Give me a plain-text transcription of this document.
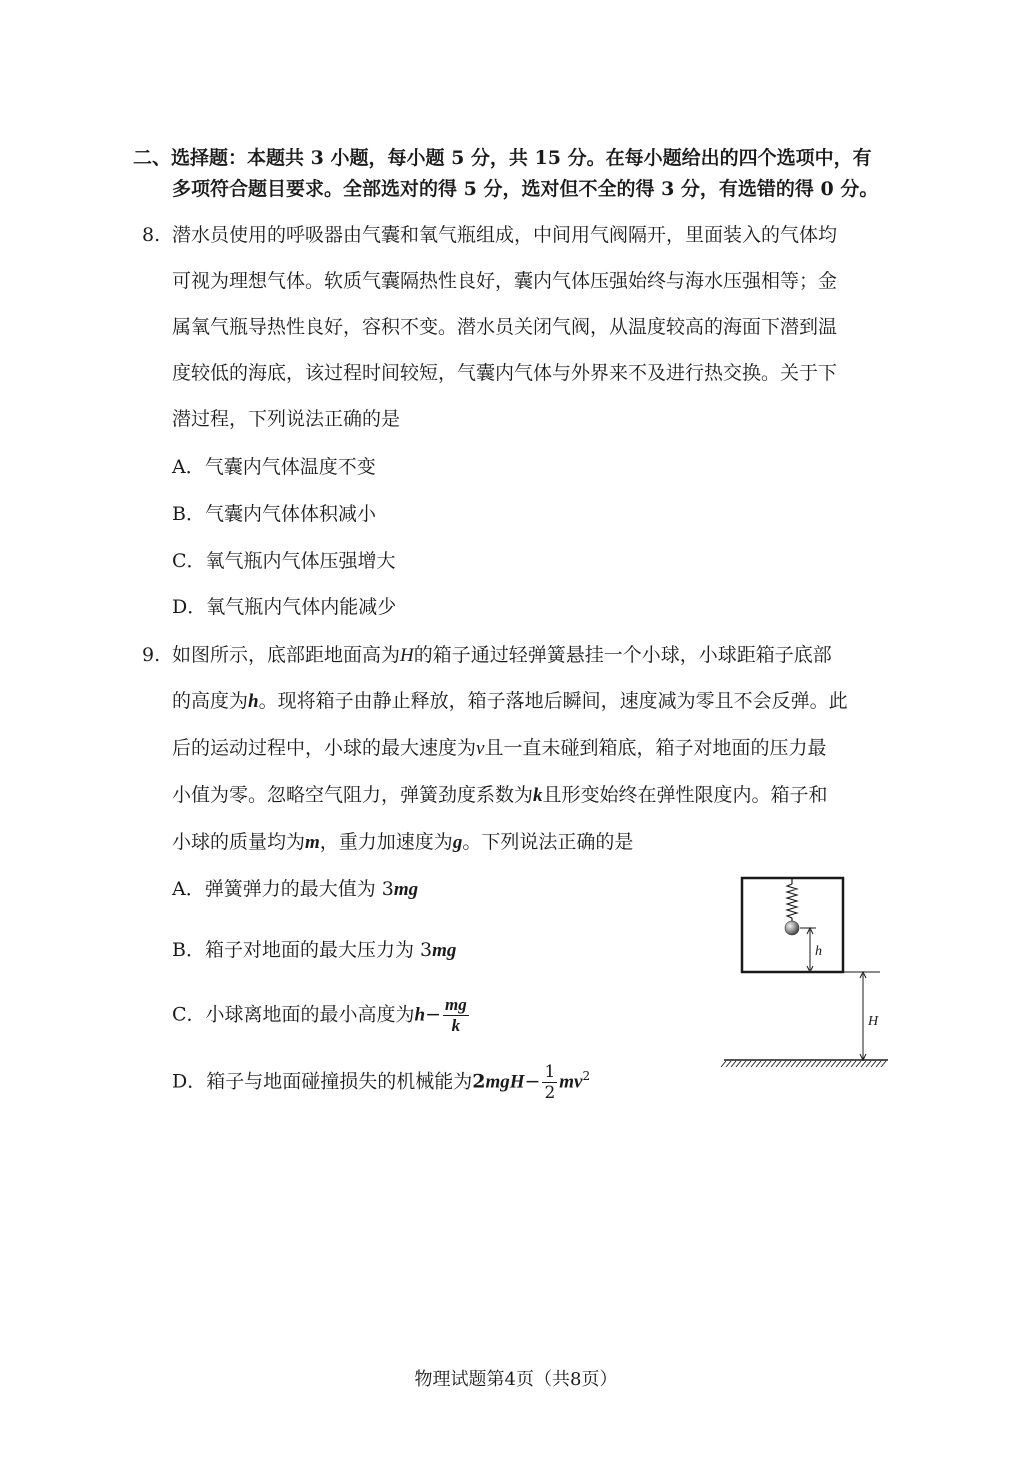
二、选择题：本题共 3 小题，每小题 5 分，共 15 分。在每小题给出的四个选项中，有
多项符合题目要求。全部选对的得 5 分，选对但不全的得 3 分，有选错的得 0 分。
8. 潜水员使用的呼吸器由气囊和氧气瓶组成，中间用气阀隔开，里面装入的气体均
可视为理想气体。软质气囊隔热性良好，囊内气体压强始终与海水压强相等；金
属氧气瓶导热性良好，容积不变。潜水员关闭气阀，从温度较高的海面下潜到温
度较低的海底，该过程时间较短，气囊内气体与外界来不及进行热交换。关于下
潜过程，下列说法正确的是
A．气囊内气体温度不变
B．气囊内气体体积减小
C．氧气瓶内气体压强增大
D．氧气瓶内气体内能减少
9. 如图所示，底部距地面高为H的箱子通过轻弹簧悬挂一个小球，小球距箱子底部
的高度为h。现将箱子由静止释放，箱子落地后瞬间，速度减为零且不会反弹。此
后的运动过程中，小球的最大速度为v且一直未碰到箱底，箱子对地面的压力最
小值为零。忽略空气阻力，弹簧劲度系数为k且形变始终在弹性限度内。箱子和
小球的质量均为m，重力加速度为g。下列说法正确的是
A．弹簧弹力的最大值为 3mg
B．箱子对地面的最大压力为 3mg
C．小球离地面的最小高度为$h- \frac{mg}{k}$
D．箱子与地面碰撞损失的机械能为$2mgH- \frac{1}{2} mv^2$
h
H
物理试题第4页（共8页）
